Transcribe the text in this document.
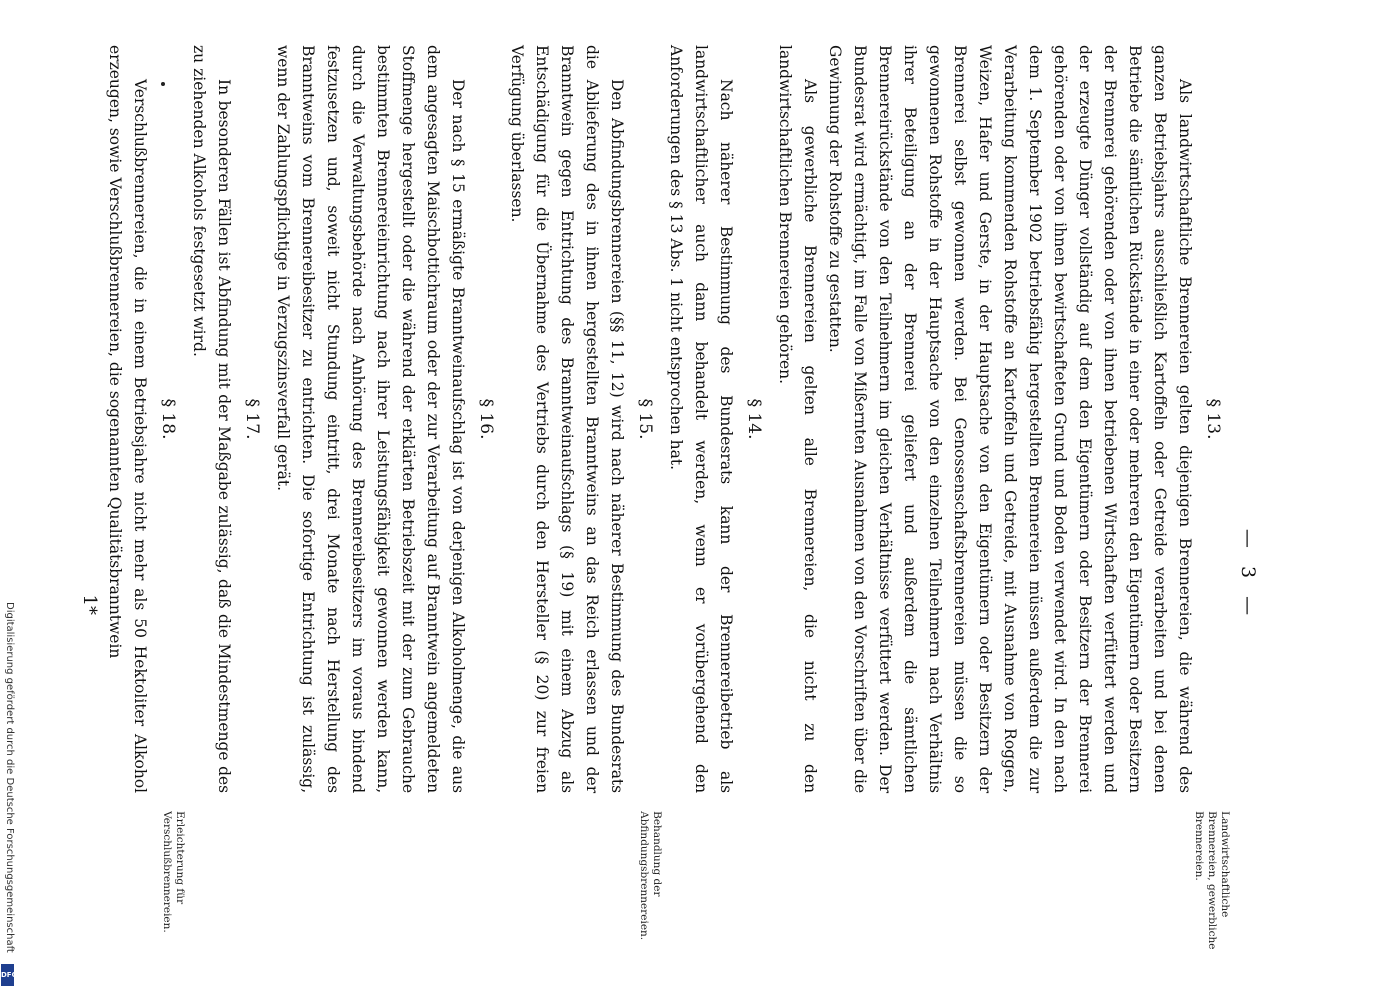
— 3 —
§ 13.

Als landwirtschaftliche Brennereien gelten diejenigen Brennereien, die während des ganzen Betriebsjahrs ausschließlich Kartoffeln oder Getreide verarbeiten und bei denen Betriebe die sämtlichen Rückstände in einer oder mehreren den Eigentümern oder Besitzern der Brennerei gehörenden oder von ihnen betriebenen Wirtschaften verfüttert werden und der erzeugte Dünger vollständig auf dem den Eigentümern oder Besitzern der Brennerei gehörenden oder von ihnen bewirtschafteten Grund und Boden verwendet wird. In den nach dem 1. September 1902 betriebsfähig hergestellten Brennereien müssen außerdem die zur Verarbeitung kommenden Rohstoffe an Kartoffeln und Getreide, mit Ausnahme von Roggen, Weizen, Hafer und Gerste, in der Hauptsache von den Eigentümern oder Besitzern der Brennerei selbst gewonnen werden. Bei Genossenschaftsbrennereien müssen die so gewonnenen Rohstoffe in der Hauptsache von den einzelnen Teilnehmern nach Verhältnis ihrer Beteiligung an der Brennerei geliefert und außerdem die sämtlichen Brennereirückstände von den Teilnehmern im gleichen Verhältnisse verfüttert werden. Der Bundesrat wird ermächtigt, im Falle von Mißernten Ausnahmen von den Vorschriften über die Gewinnung der Rohstoffe zu gestatten.

Als gewerbliche Brennereien gelten alle Brennereien, die nicht zu den landwirtschaftlichen Brennereien gehören.

Landwirtschaftliche Brennereien, gewerbliche Brennereien.

§ 14.

Nach näherer Bestimmung des Bundesrats kann der Brennereibetrieb als landwirtschaftlicher auch dann behandelt werden, wenn er vorübergehend den Anforderungen des § 13 Abs. 1 nicht entsprochen hat.

§ 15.

Den Abfindungsbrennereien (§§ 11, 12) wird nach näherer Bestimmung des Bundesrats die Ablieferung des in ihnen hergestellten Branntweins an das Reich erlassen und der Branntwein gegen Entrichtung des Branntweinaufschlags (§ 19) mit einem Abzug als Entschädigung für die Übernahme des Vertriebs durch den Hersteller (§ 20) zur freien Verfügung überlassen.

Behandlung der Abfindungsbrennereien.

§ 16.

Der nach § 15 ermäßigte Branntweinaufschlag ist von derjenigen Alkoholmenge, die aus dem angesagten Maischbottichraum oder der zur Verarbeitung auf Branntwein angemeldeten Stoffmenge hergestellt oder die während der erklärten Betriebszeit mit der zum Gebrauche bestimmten Brennereieinrichtung nach ihrer Leistungsfähigkeit gewonnen werden kann, durch die Verwaltungsbehörde nach Anhörung des Brennereibesitzers im voraus bindend festzusetzen und, soweit nicht Stundung eintritt, drei Monate nach Herstellung des Branntweins vom Brennereibesitzer zu entrichten. Die sofortige Entrichtung ist zulässig, wenn der Zahlungspflichtige in Verzugszinsverfall gerät.

§ 17.

In besonderen Fällen ist Abfindung mit der Maßgabe zulässig, daß die Mindestmenge des zu ziehenden Alkohols festgesetzt wird.

§ 18.

Verschlußbrennereien, die in einem Betriebsjahre nicht mehr als 50 Hektoliter Alkohol erzeugen, sowie Verschlußbrennereien, die sogenannten Qualitätsbranntwein

Erleichterung für Verschlußbrennereien.

1*
Digitalisierung gefördert durch die Deutsche Forschungsgemeinschaft
DFG
